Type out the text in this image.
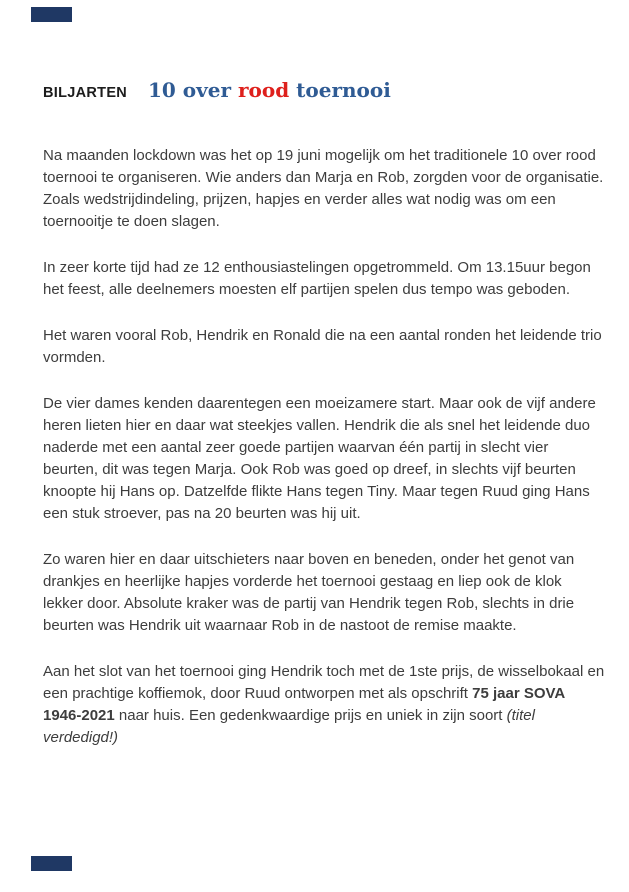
BILJARTEN	10 over rood toernooi

Na maanden lockdown was het op 19 juni mogelijk om het traditionele 10 over rood toernooi te organiseren. Wie anders dan Marja en Rob, zorgden voor de organisatie. Zoals wedstrijdindeling, prijzen, hapjes en verder alles wat nodig was om een toernooitje te doen slagen.

In zeer korte tijd had ze 12 enthousiastelingen opgetrommeld. Om 13.15uur begon het feest, alle deelnemers moesten elf partijen spelen dus tempo was geboden.

Het waren vooral Rob, Hendrik en Ronald die na een aantal ronden het leidende trio vormden.

De vier dames kenden daarentegen een moeizamere start. Maar ook de vijf andere heren lieten hier en daar wat steekjes vallen. Hendrik die als snel het leidende duo naderde met een aantal zeer goede partijen waarvan één partij in slecht vier beurten, dit was tegen Marja. Ook Rob was goed op dreef, in slechts vijf beurten knoopte hij Hans op. Datzelfde flikte Hans tegen Tiny. Maar tegen Ruud ging Hans een stuk stroever, pas na 20 beurten was hij uit.

Zo waren hier en daar uitschieters naar boven en beneden, onder het genot van drankjes en heerlijke hapjes vorderde het toernooi gestaag en liep ook de klok lekker door. Absolute kraker was de partij van Hendrik tegen Rob, slechts in drie beurten was Hendrik uit waarnaar Rob in de nastoot de remise maakte.

Aan het slot van het toernooi ging Hendrik toch met de 1ste prijs, de wisselbokaal en een prachtige koffiemok, door Ruud ontworpen met als opschrift 75 jaar SOVA 1946-2021 naar huis. Een gedenkwaardige prijs en uniek in zijn soort (titel verdedigd!)
